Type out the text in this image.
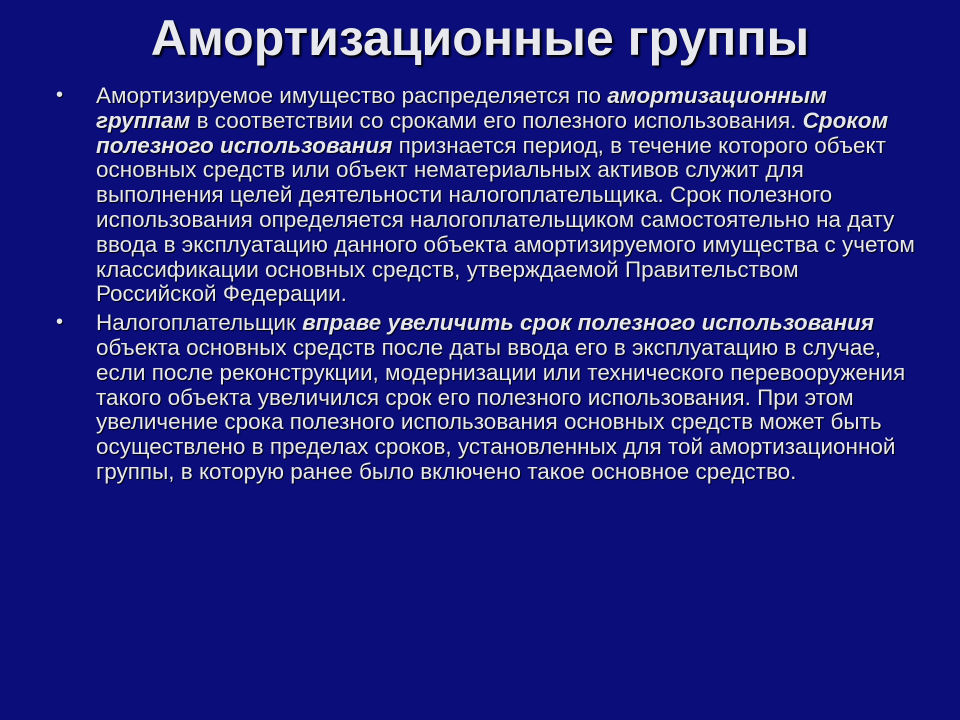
Амортизационные группы
• Амортизируемое имущество распределяется по амортизационным группам в соответствии со сроками его полезного использования. Сроком полезного использования признается период, в течение которого объект основных средств или объект нематериальных активов служит для выполнения целей деятельности налогоплательщика. Срок полезного использования определяется налогоплательщиком самостоятельно на дату ввода в эксплуатацию данного объекта амортизируемого имущества с учетом классификации основных средств, утверждаемой Правительством Российской Федерации.
• Налогоплательщик вправе увеличить срок полезного использования объекта основных средств после даты ввода его в эксплуатацию в случае, если после реконструкции, модернизации или технического перевооружения такого объекта увеличился срок его полезного использования. При этом увеличение срока полезного использования основных средств может быть осуществлено в пределах сроков, установленных для той амортизационной группы, в которую ранее было включено такое основное средство.
